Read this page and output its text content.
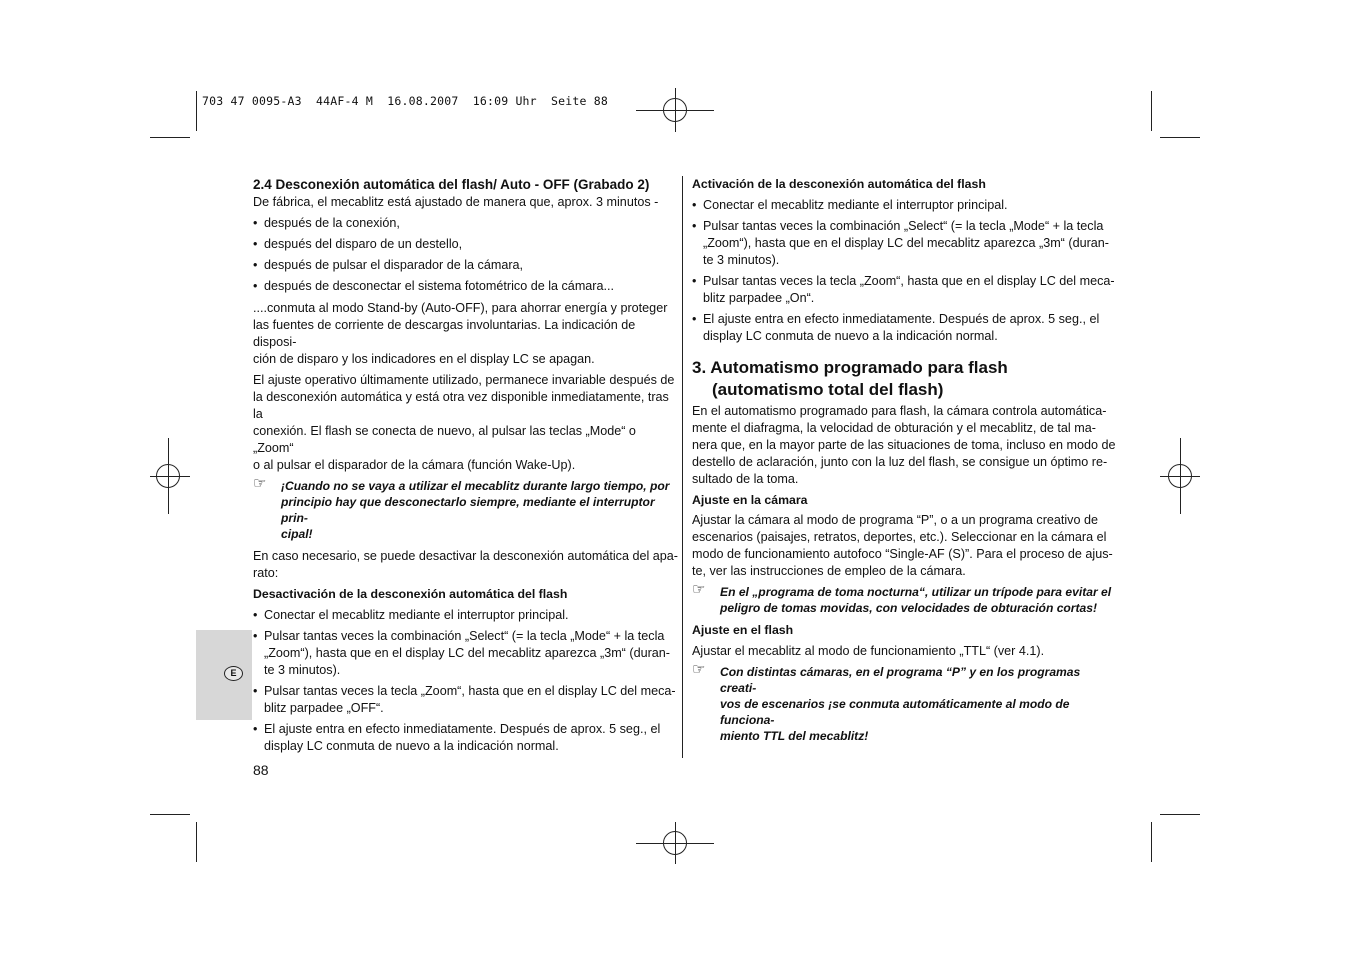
703 47 0095-A3  44AF-4 M  16.08.2007  16:09 Uhr  Seite 88
E
88

2.4 Desconexión automática del flash/ Auto - OFF (Grabado 2)

De fábrica, el mecablitz está ajustado de manera que, aprox. 3 minutos -

• después de la conexión,

• después del disparo de un destello,

• después de pulsar el disparador de la cámara,

• después de desconectar el sistema fotométrico de la cámara...

....conmuta al modo Stand-by (Auto-OFF), para ahorrar energía y proteger

las fuentes de corriente de descargas involuntarias. La indicación de disposi-

ción de disparo y los indicadores en el display LC se apagan.

El ajuste operativo últimamente utilizado, permanece invariable después de

la desconexión automática y está otra vez disponible inmediatamente, tras la

conexión. El flash se conecta de nuevo, al pulsar las teclas „Mode“ o „Zoom“

o al pulsar el disparador de la cámara (función Wake-Up).

☞ ¡Cuando no se vaya a utilizar el mecablitz durante largo tiempo, por

principio hay que desconectarlo siempre, mediante el interruptor prin-

cipal!

En caso necesario, se puede desactivar la desconexión automática del apa-

rato:

Desactivación de la desconexión automática del flash

• Conectar el mecablitz mediante el interruptor principal.

• Pulsar tantas veces la combinación „Select“ (= la tecla „Mode“ + la tecla

„Zoom“), hasta que en el display LC del mecablitz aparezca „3m“ (duran-

te 3 minutos).

• Pulsar tantas veces la tecla „Zoom“, hasta que en el display LC del meca-

blitz parpadee „OFF“.

• El ajuste entra en efecto inmediatamente. Después de aprox. 5 seg., el

display LC conmuta de nuevo a la indicación normal.

Activación de la desconexión automática del flash

• Conectar el mecablitz mediante el interruptor principal.

• Pulsar tantas veces la combinación „Select“ (= la tecla „Mode“ + la tecla

„Zoom“), hasta que en el display LC del mecablitz aparezca „3m“ (duran-

te 3 minutos).

• Pulsar tantas veces la tecla „Zoom“, hasta que en el display LC del meca-

blitz parpadee „On“.

• El ajuste entra en efecto inmediatamente. Después de aprox. 5 seg., el

display LC conmuta de nuevo a la indicación normal.

3. Automatismo programado para flash
(automatismo total del flash)

En el automatismo programado para flash, la cámara controla automática-

mente el diafragma, la velocidad de obturación y el mecablitz, de tal ma-

nera que, en la mayor parte de las situaciones de toma, incluso en modo de

destello de aclaración, junto con la luz del flash, se consigue un óptimo re-

sultado de la toma.

Ajuste en la cámara

Ajustar la cámara al modo de programa “P”, o a un programa creativo de

escenarios (paisajes, retratos, deportes, etc.). Seleccionar en la cámara el

modo de funcionamiento autofoco “Single-AF (S)”. Para el proceso de ajus-

te, ver las instrucciones de empleo de la cámara.

☞ En el „programa de toma nocturna“, utilizar un trípode para evitar el

peligro de tomas movidas, con velocidades de obturación cortas!

Ajuste en el flash

Ajustar el mecablitz al modo de funcionamiento „TTL“ (ver 4.1).

☞ Con distintas cámaras, en el programa “P” y en los programas creati-

vos de escenarios ¡se conmuta automáticamente al modo de funciona-

miento TTL del mecablitz!
